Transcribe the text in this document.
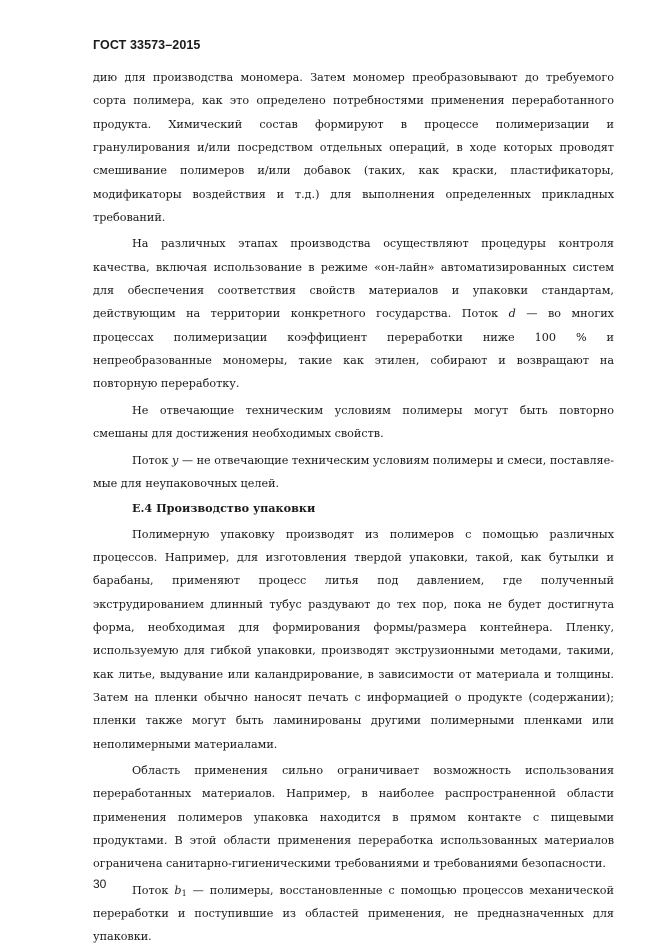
ГОСТ 33573–2015

дию для производства мономера. Затем мономер преобразовывают до требуемого сорта полимера, как это определено потребностями применения переработанного продукта. Химический состав формируют в процессе полимеризации и гранулирования и/или посредством отдельных операций, в ходе которых проводят смешивание полимеров и/или добавок (таких, как краски, пластификаторы, модификаторы воздействия и т.д.) для выполнения определенных прикладных требований.

На различных этапах производства осуществляют процедуры контроля качества, включая использование в режиме «он-лайн» автоматизированных систем для обеспечения соответствия свойств материалов и упаковки стандартам, действующим на территории конкретного государства. Поток d — во многих процессах полимеризации коэффициент переработки ниже 100 % и непреобразованные мономеры, такие как этилен, собирают и возвращают на повторную переработку.

Не отвечающие техническим условиям полимеры могут быть повторно смешаны для достижения необходимых свойств.

Поток y — не отвечающие техническим условиям полимеры и смеси, поставляемые для неупаковочных целей.

Е.4 Производство упаковки

Полимерную упаковку производят из полимеров с помощью различных процессов. Например, для изготовления твердой упаковки, такой, как бутылки и барабаны, применяют процесс литья под давлением, где полученный экструдированием длинный тубус раздувают до тех пор, пока не будет достигнута форма, необходимая для формирования формы/размера контейнера. Пленку, используемую для гибкой упаковки, производят экструзионными методами, такими, как литье, выдувание или каландрирование, в зависимости от материала и толщины. Затем на пленки обычно наносят печать с информацией о продукте (содержании); пленки также могут быть ламинированы другими полимерными пленками или неполимерными материалами.

Область применения сильно ограничивает возможность использования переработанных материалов. Например, в наиболее распространенной области применения полимеров упаковка находится в прямом контакте с пищевыми продуктами. В этой области применения переработка использованных материалов ограничена санитарно-гигиеническими требованиями и требованиями безопасности.

Поток $b_1$ — полимеры, восстановленные с помощью процессов механической переработки и поступившие из областей применения, не предназначенных для упаковки.

30
